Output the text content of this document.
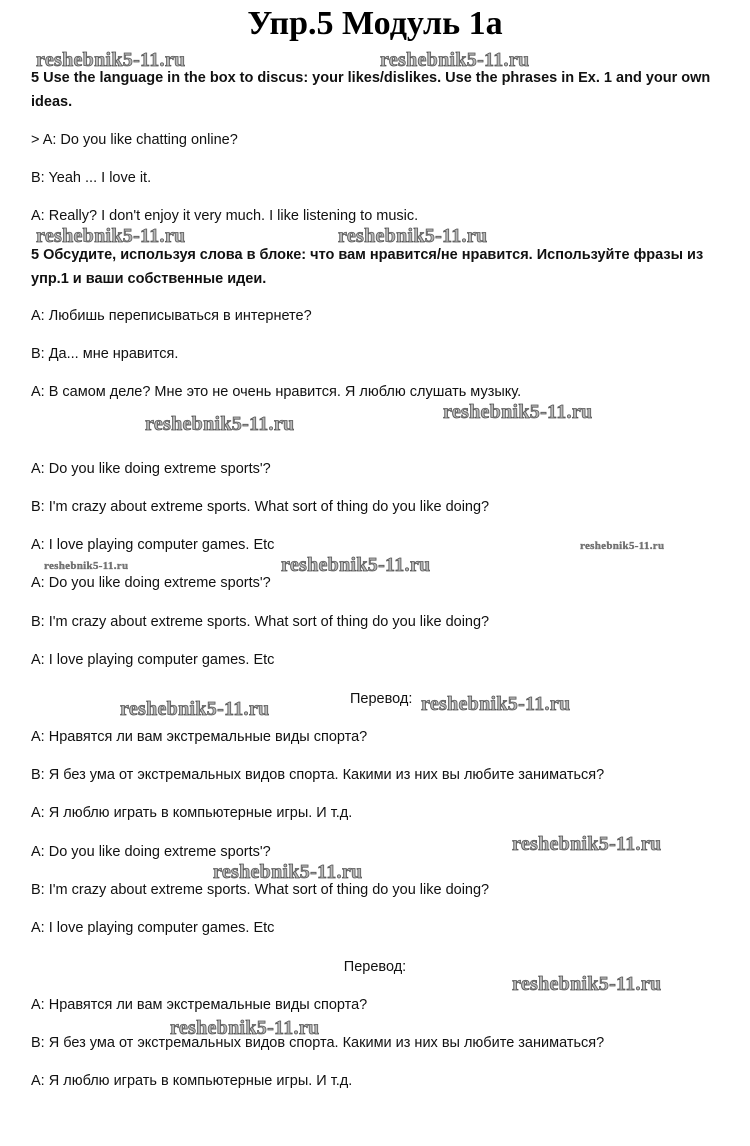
Упр.5 Модуль 1а
5 Use the language in the box to discus: your likes/dislikes. Use the phrases in Ex. 1 and your own ideas.
> A: Do you like chatting online?
B: Yeah ... I love it.
A: Really? I don't enjoy it very much. I like listening to music.
5 Обсудите, используя слова в блоке: что вам нравится/не нравится. Используйте фразы из упр.1 и ваши собственные идеи.
A: Любишь переписываться в интернете?
B: Да... мне нравится.
A: В самом деле? Мне это не очень нравится. Я люблю слушать музыку.
A: Do you like doing extreme sports'?
B: I'm crazy about extreme sports. What sort of thing do you like doing?
A: I love playing computer games. Etc
A: Do you like doing extreme sports'?
B: I'm crazy about extreme sports. What sort of thing do you like doing?
A: I love playing computer games. Etc
Перевод:
A: Нравятся ли вам экстремальные виды спорта?
B: Я без ума от экстремальных видов спорта. Какими из них вы любите заниматься?
A: Я люблю играть в компьютерные игры. И т.д.
A: Do you like doing extreme sports'?
B: I'm crazy about extreme sports. What sort of thing do you like doing?
A: I love playing computer games. Etc
Перевод:
A: Нравятся ли вам экстремальные виды спорта?
B: Я без ума от экстремальных видов спорта. Какими из них вы любите заниматься?
A: Я люблю играть в компьютерные игры. И т.д.
reshebnik5-11.ru	reshebnik5-11.ru
reshebnik5-11.ru	reshebnik5-11.ru
reshebnik5-11.ru
reshebnik5-11.ru
reshebnik5-11.ru
reshebnik5-11.ru	reshebnik5-11.ru
reshebnik5-11.ru	reshebnik5-11.ru
reshebnik5-11.ru
reshebnik5-11.ru
reshebnik5-11.ru
reshebnik5-11.ru
